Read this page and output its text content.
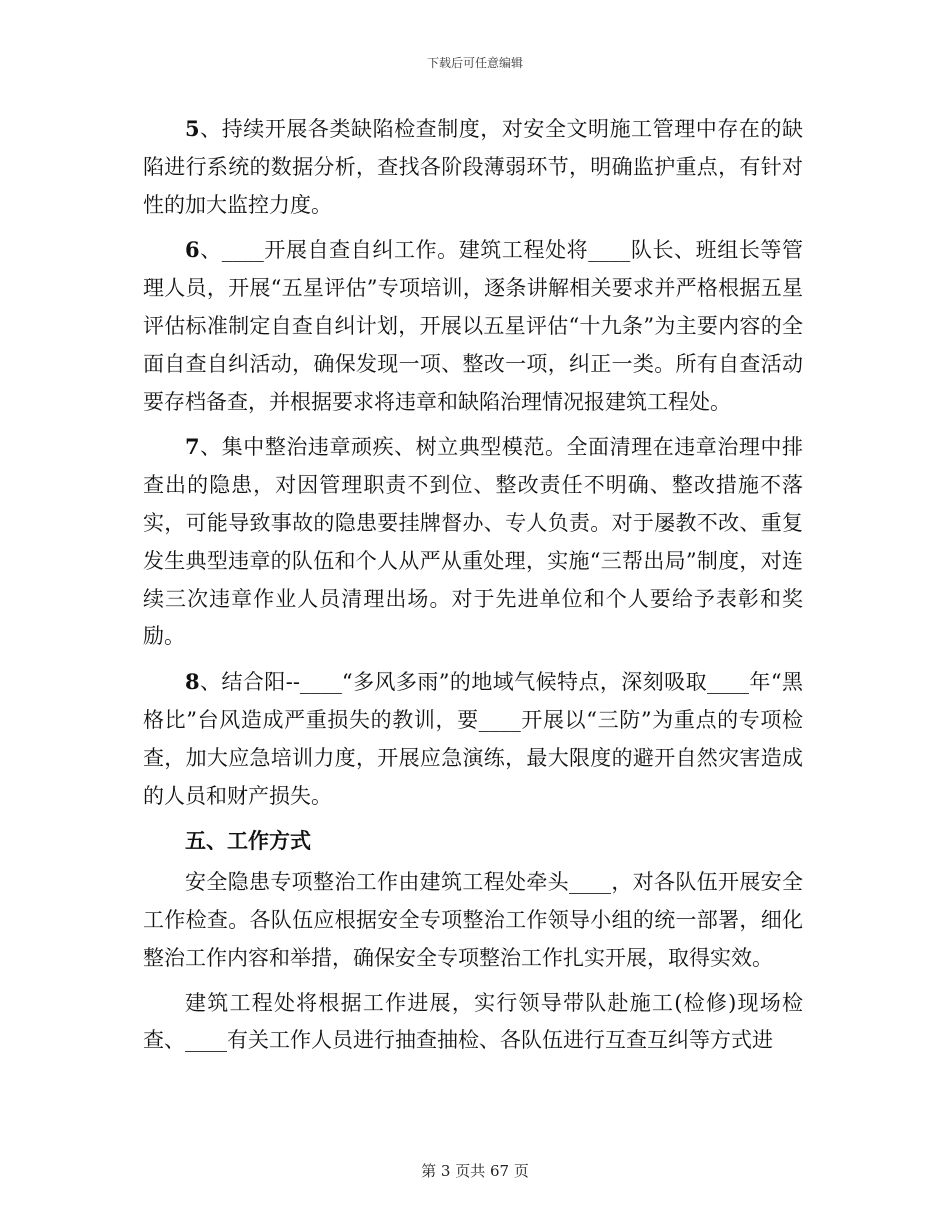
下载后可任意编辑

5、持续开展各类缺陷检查制度，对安全文明施工管理中存在的缺陷进行系统的数据分析，查找各阶段薄弱环节，明确监护重点，有针对性的加大监控力度。

6、____开展自查自纠工作。建筑工程处将____队长、班组长等管理人员，开展“五星评估”专项培训，逐条讲解相关要求并严格根据五星评估标准制定自查自纠计划，开展以五星评估“十九条”为主要内容的全面自查自纠活动，确保发现一项、整改一项，纠正一类。所有自查活动要存档备查，并根据要求将违章和缺陷治理情况报建筑工程处。

7、集中整治违章顽疾、树立典型模范。全面清理在违章治理中排查出的隐患，对因管理职责不到位、整改责任不明确、整改措施不落实，可能导致事故的隐患要挂牌督办、专人负责。对于屡教不改、重复发生典型违章的队伍和个人从严从重处理，实施“三帮出局”制度，对连续三次违章作业人员清理出场。对于先进单位和个人要给予表彰和奖励。

8、结合阳--____“多风多雨”的地域气候特点，深刻吸取____年“黑格比”台风造成严重损失的教训，要____开展以“三防”为重点的专项检查，加大应急培训力度，开展应急演练，最大限度的避开自然灾害造成的人员和财产损失。

五、工作方式

安全隐患专项整治工作由建筑工程处牵头____，对各队伍开展安全工作检查。各队伍应根据安全专项整治工作领导小组的统一部署，细化整治工作内容和举措，确保安全专项整治工作扎实开展，取得实效。

建筑工程处将根据工作进展，实行领导带队赴施工(检修)现场检查、____有关工作人员进行抽查抽检、各队伍进行互查互纠等方式进

第 3 页共 67 页
